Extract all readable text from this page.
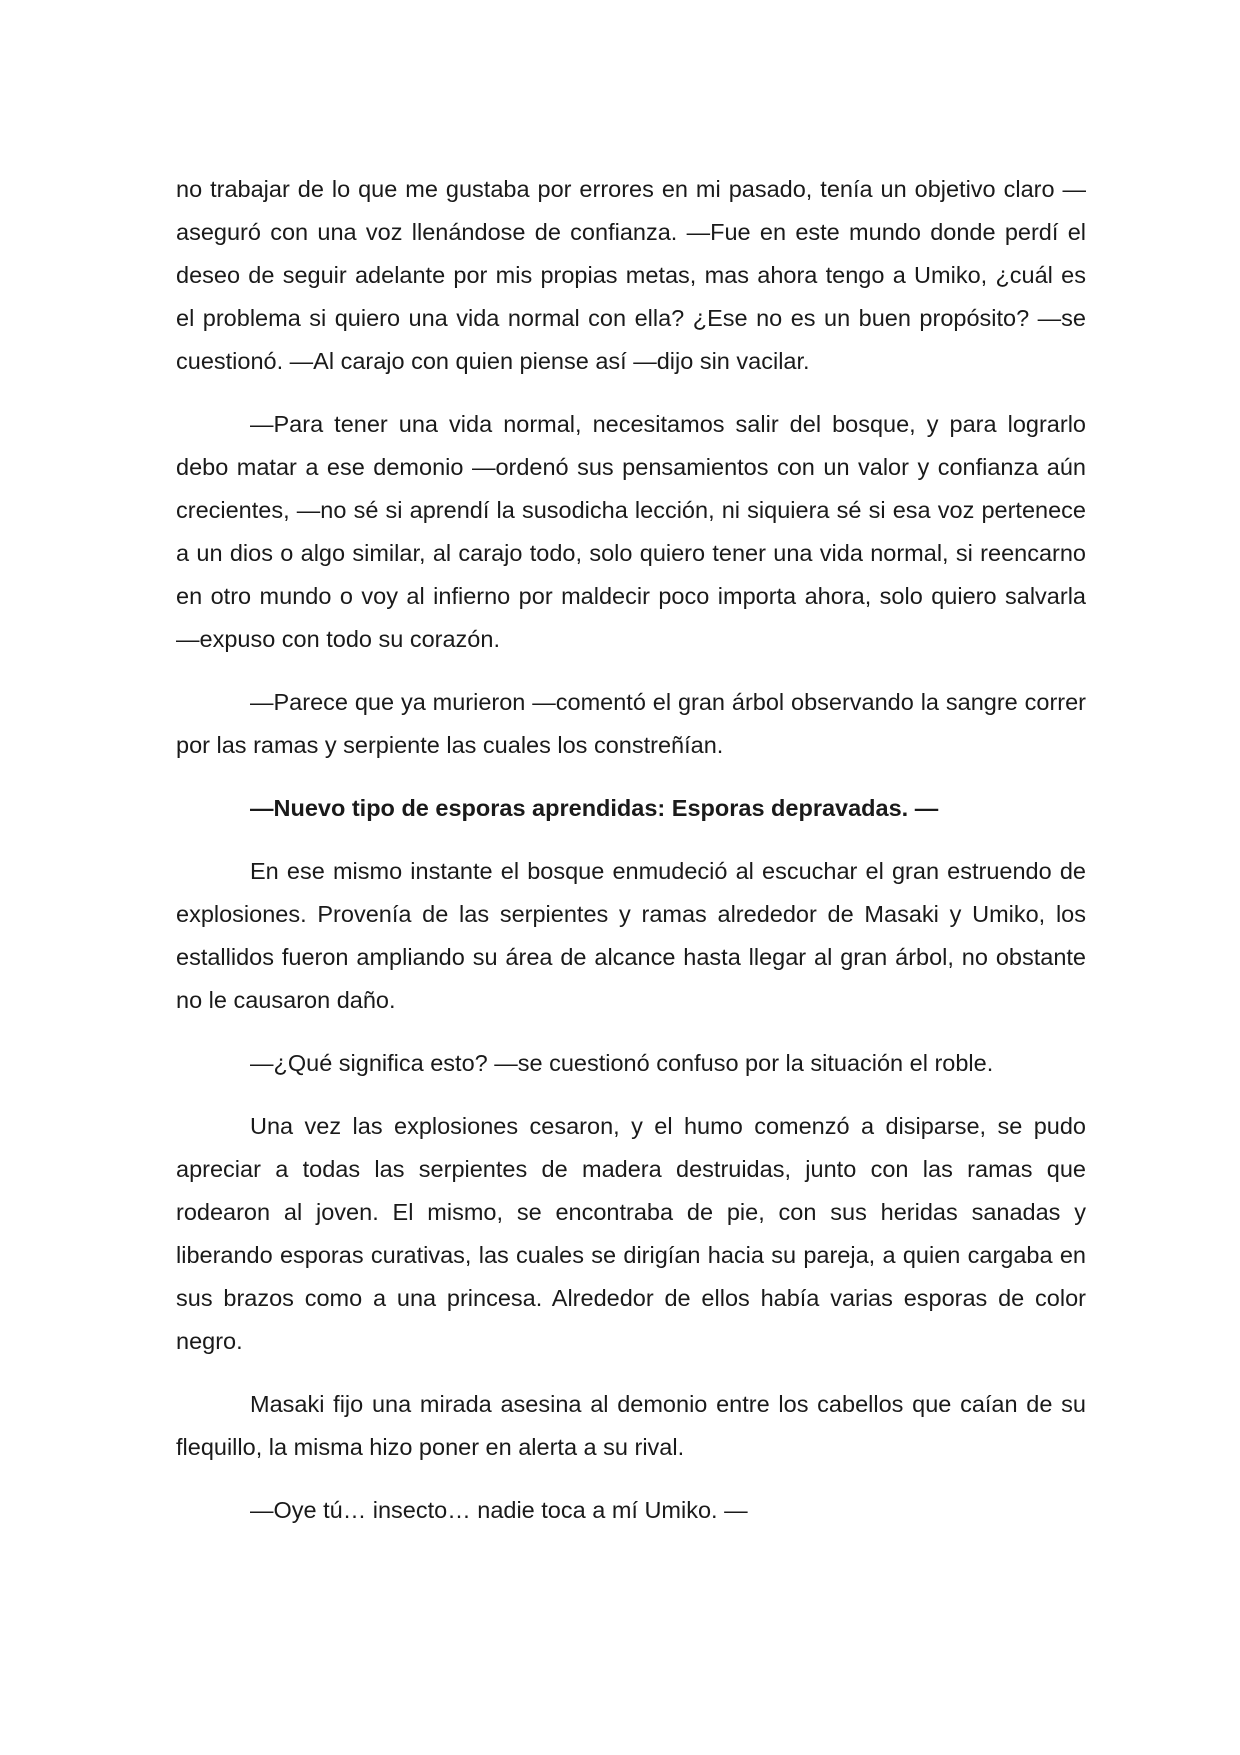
no trabajar de lo que me gustaba por errores en mi pasado, tenía un objetivo claro —aseguró con una voz llenándose de confianza. —Fue en este mundo donde perdí el deseo de seguir adelante por mis propias metas, mas ahora tengo a Umiko, ¿cuál es el problema si quiero una vida normal con ella? ¿Ese no es un buen propósito? —se cuestionó. —Al carajo con quien piense así —dijo sin vacilar.

—Para tener una vida normal, necesitamos salir del bosque, y para lograrlo debo matar a ese demonio —ordenó sus pensamientos con un valor y confianza aún crecientes, —no sé si aprendí la susodicha lección, ni siquiera sé si esa voz pertenece a un dios o algo similar, al carajo todo, solo quiero tener una vida normal, si reencarno en otro mundo o voy al infierno por maldecir poco importa ahora, solo quiero salvarla —expuso con todo su corazón.

—Parece que ya murieron —comentó el gran árbol observando la sangre correr por las ramas y serpiente las cuales los constreñían.

—Nuevo tipo de esporas aprendidas: Esporas depravadas. —

En ese mismo instante el bosque enmudeció al escuchar el gran estruendo de explosiones. Provenía de las serpientes y ramas alrededor de Masaki y Umiko, los estallidos fueron ampliando su área de alcance hasta llegar al gran árbol, no obstante no le causaron daño.

—¿Qué significa esto? —se cuestionó confuso por la situación el roble.

Una vez las explosiones cesaron, y el humo comenzó a disiparse, se pudo apreciar a todas las serpientes de madera destruidas, junto con las ramas que rodearon al joven. El mismo, se encontraba de pie, con sus heridas sanadas y liberando esporas curativas, las cuales se dirigían hacia su pareja, a quien cargaba en sus brazos como a una princesa. Alrededor de ellos había varias esporas de color negro.

Masaki fijo una mirada asesina al demonio entre los cabellos que caían de su flequillo, la misma hizo poner en alerta a su rival.

—Oye tú… insecto… nadie toca a mí Umiko. —
